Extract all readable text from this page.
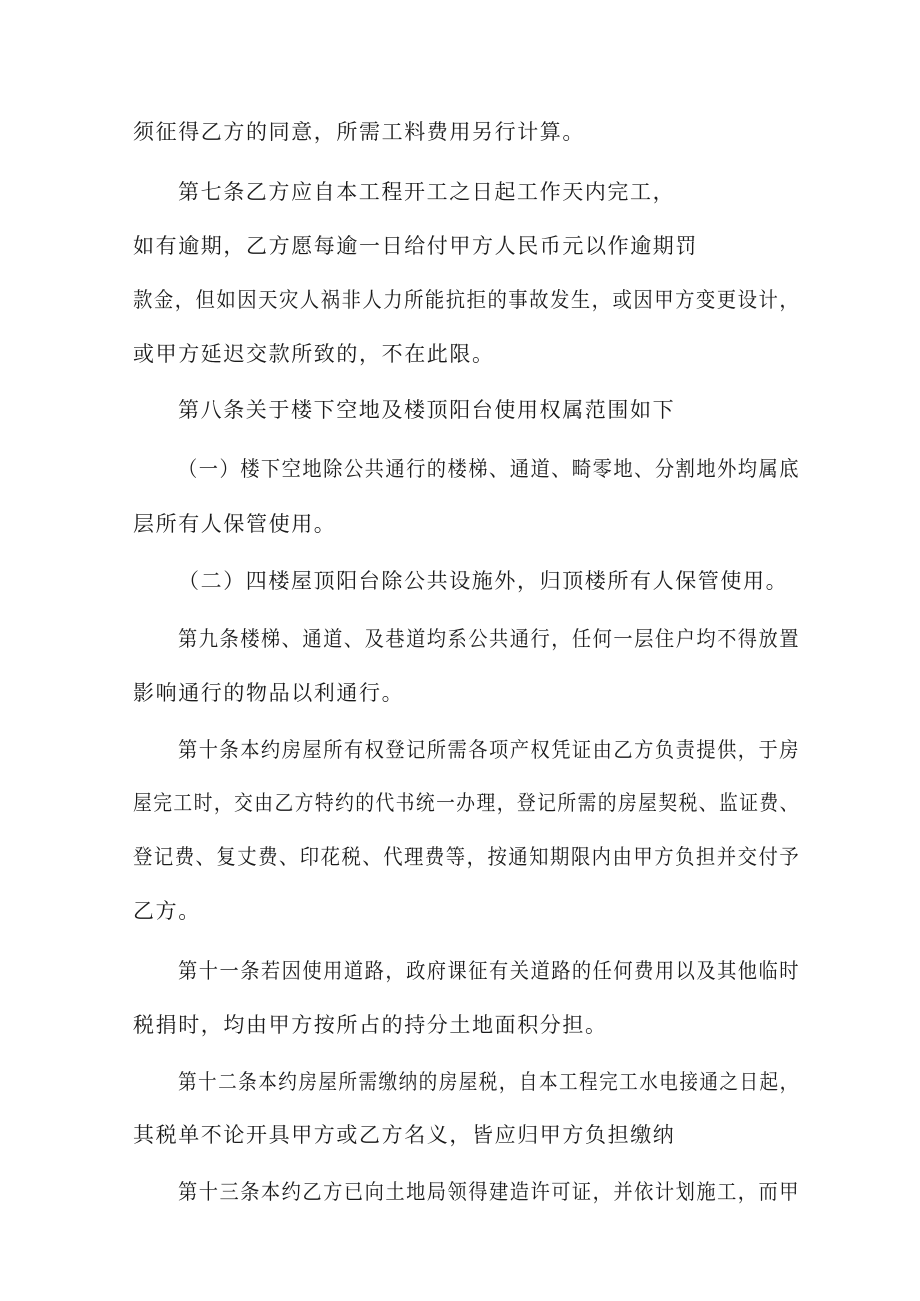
须征得乙方的同意，所需工料费用另行计算。
第七条乙方应自本工程开工之日起工作天内完工，
如有逾期，乙方愿每逾一日给付甲方人民币元以作逾期罚
款金，但如因天灾人祸非人力所能抗拒的事故发生，或因甲方变更设计，
或甲方延迟交款所致的，不在此限。
第八条关于楼下空地及楼顶阳台使用权属范围如下
（一）楼下空地除公共通行的楼梯、通道、畸零地、分割地外均属底
层所有人保管使用。
（二）四楼屋顶阳台除公共设施外，归顶楼所有人保管使用。
第九条楼梯、通道、及巷道均系公共通行，任何一层住户均不得放置
影响通行的物品以利通行。
第十条本约房屋所有权登记所需各项产权凭证由乙方负责提供，于房
屋完工时，交由乙方特约的代书统一办理，登记所需的房屋契税、监证费、
登记费、复丈费、印花税、代理费等，按通知期限内由甲方负担并交付予
乙方。
第十一条若因使用道路，政府课征有关道路的任何费用以及其他临时
税捐时，均由甲方按所占的持分土地面积分担。
第十二条本约房屋所需缴纳的房屋税，自本工程完工水电接通之日起，
其税单不论开具甲方或乙方名义，皆应归甲方负担缴纳
第十三条本约乙方已向土地局领得建造许可证，并依计划施工，而甲
